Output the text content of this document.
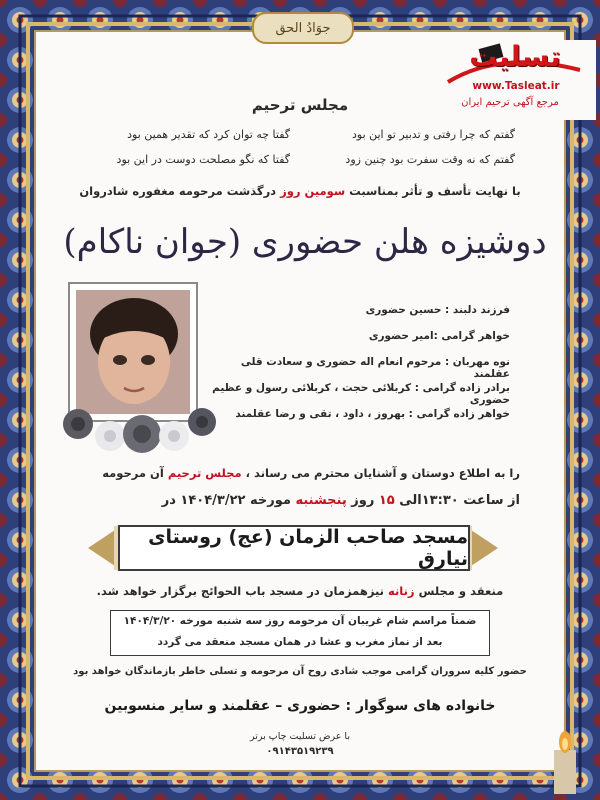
جوَادُ الحق
تسلیت
www.Tasleat.ir
مرجع آگهی ترحیم ایران
مجلس ترحیم
گفتم که چرا رفتی و تدبیر تو این بود
گفتا چه توان کرد که تقدیر همین بود
گفتم که نه وقت سفرت بود چنین زود
گفتا که نگو مصلحت دوست در این بود
با نهایت تأسف و تأثر بمناسبت سومین روز درگذشت مرحومه مغفوره شادروان
دوشیزه هلن حضوری (جوان ناکام)
فرزند دلبند : حسین حضوری
خواهر گرامی :امیر حضوری
نوه مهربان : مرحوم انعام اله حضوری و سعادت قلی عقلمند
برادر زاده گرامی : کربلائی حجت ، کربلائی رسول و عظیم حضوری
خواهر زاده گرامی : بهروز ، داود ، تقی و رضا عقلمند
را به اطلاع دوستان و آشنایان محترم می رساند ، مجلس ترحیم آن مرحومه
از ساعت ۱۳:۳۰الی ۱۵ روز پنجشنبه مورخه ۱۴۰۴/۳/۲۲ در
مسجد صاحب الزمان (عج) روستای نیارق
منعقد و مجلس زنانه نیزهمزمان در مسجد باب الحوائج برگزار خواهد شد.
ضمناً مراسم شام غریبان آن مرحومه روز سه شنبه مورخه ۱۴۰۴/۳/۲۰
بعد از نماز مغرب و عشا در همان مسجد منعقد می گردد
حضور کلیه سروران گرامی موجب شادی روح آن مرحومه و تسلی خاطر بازماندگان خواهد بود
خانواده های سوگوار : حضوری – عقلمند و سایر منسوبین
با عرض تسلیت چاپ برتر
۰۹۱۴۳۵۱۹۲۳۹
